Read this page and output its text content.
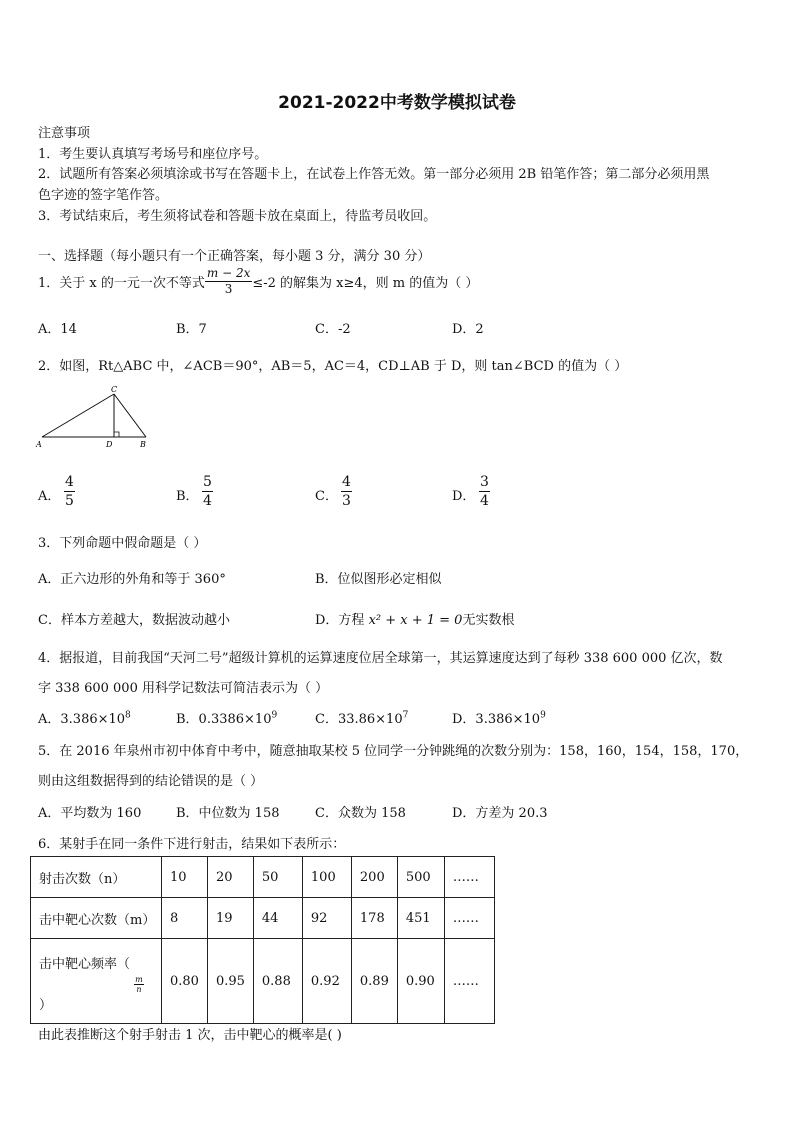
2021-2022中考数学模拟试卷
注意事项
1．考生要认真填写考场号和座位序号。
2．试题所有答案必须填涂或书写在答题卡上，在试卷上作答无效。第一部分必须用 2B 铅笔作答；第二部分必须用黑
色字迹的签字笔作答。
3．考试结束后，考生须将试卷和答题卡放在桌面上，待监考员收回。
一、选择题（每小题只有一个正确答案，每小题 3 分，满分 30 分）
1．关于 x 的一元一次不等式 $\frac{m - 2x}{3} \le-2$ 的解集为 x≥4，则 m 的值为（ ）
A．14	B．7	C．-2	D．2
2．如图，Rt△ABC 中，∠ACB＝90°，AB＝5，AC＝4，CD⊥AB 于 D，则 tan∠BCD 的值为（ ）
A	D	B
C
A． $\frac{4}{5}$	B． $\frac{5}{4}$	C． $\frac{4}{3}$	D． $\frac{3}{4}$
3．下列命题中假命题是（ ）
A．正六边形的外角和等于 360°	B．位似图形必定相似
C．样本方差越大，数据波动越小	D．方程 x² + x + 1 = 0无实数根
4．据报道，目前我国“天河二号”超级计算机的运算速度位居全球第一，其运算速度达到了每秒 338 600 000 亿次，数
字 338 600 000 用科学记数法可简洁表示为（ ）
A．$3.386\times 10^8$	B．$0.3386\times 10^9$	C．$33.86\times 10^7$	D．$3.386\times 10^9$
5．在 2016 年泉州市初中体育中考中，随意抽取某校 5 位同学一分钟跳绳的次数分别为：158，160，154，158，170，
则由这组数据得到的结论错误的是（ ）
A．平均数为 160	B．中位数为 158	C．众数为 158	D．方差为 20.3
6．某射手在同一条件下进行射击，结果如下表所示：
射击次数（n）	10	20	50	100	200	500	……
击中靶心次数（m）	8	19	44	92	178	451	……
击中靶心频率（
$\frac{m}{n}$
）	0.80	0.95	0.88	0.92	0.89	0.90	……
由此表推断这个射手射击 1 次，击中靶心的概率是( )
